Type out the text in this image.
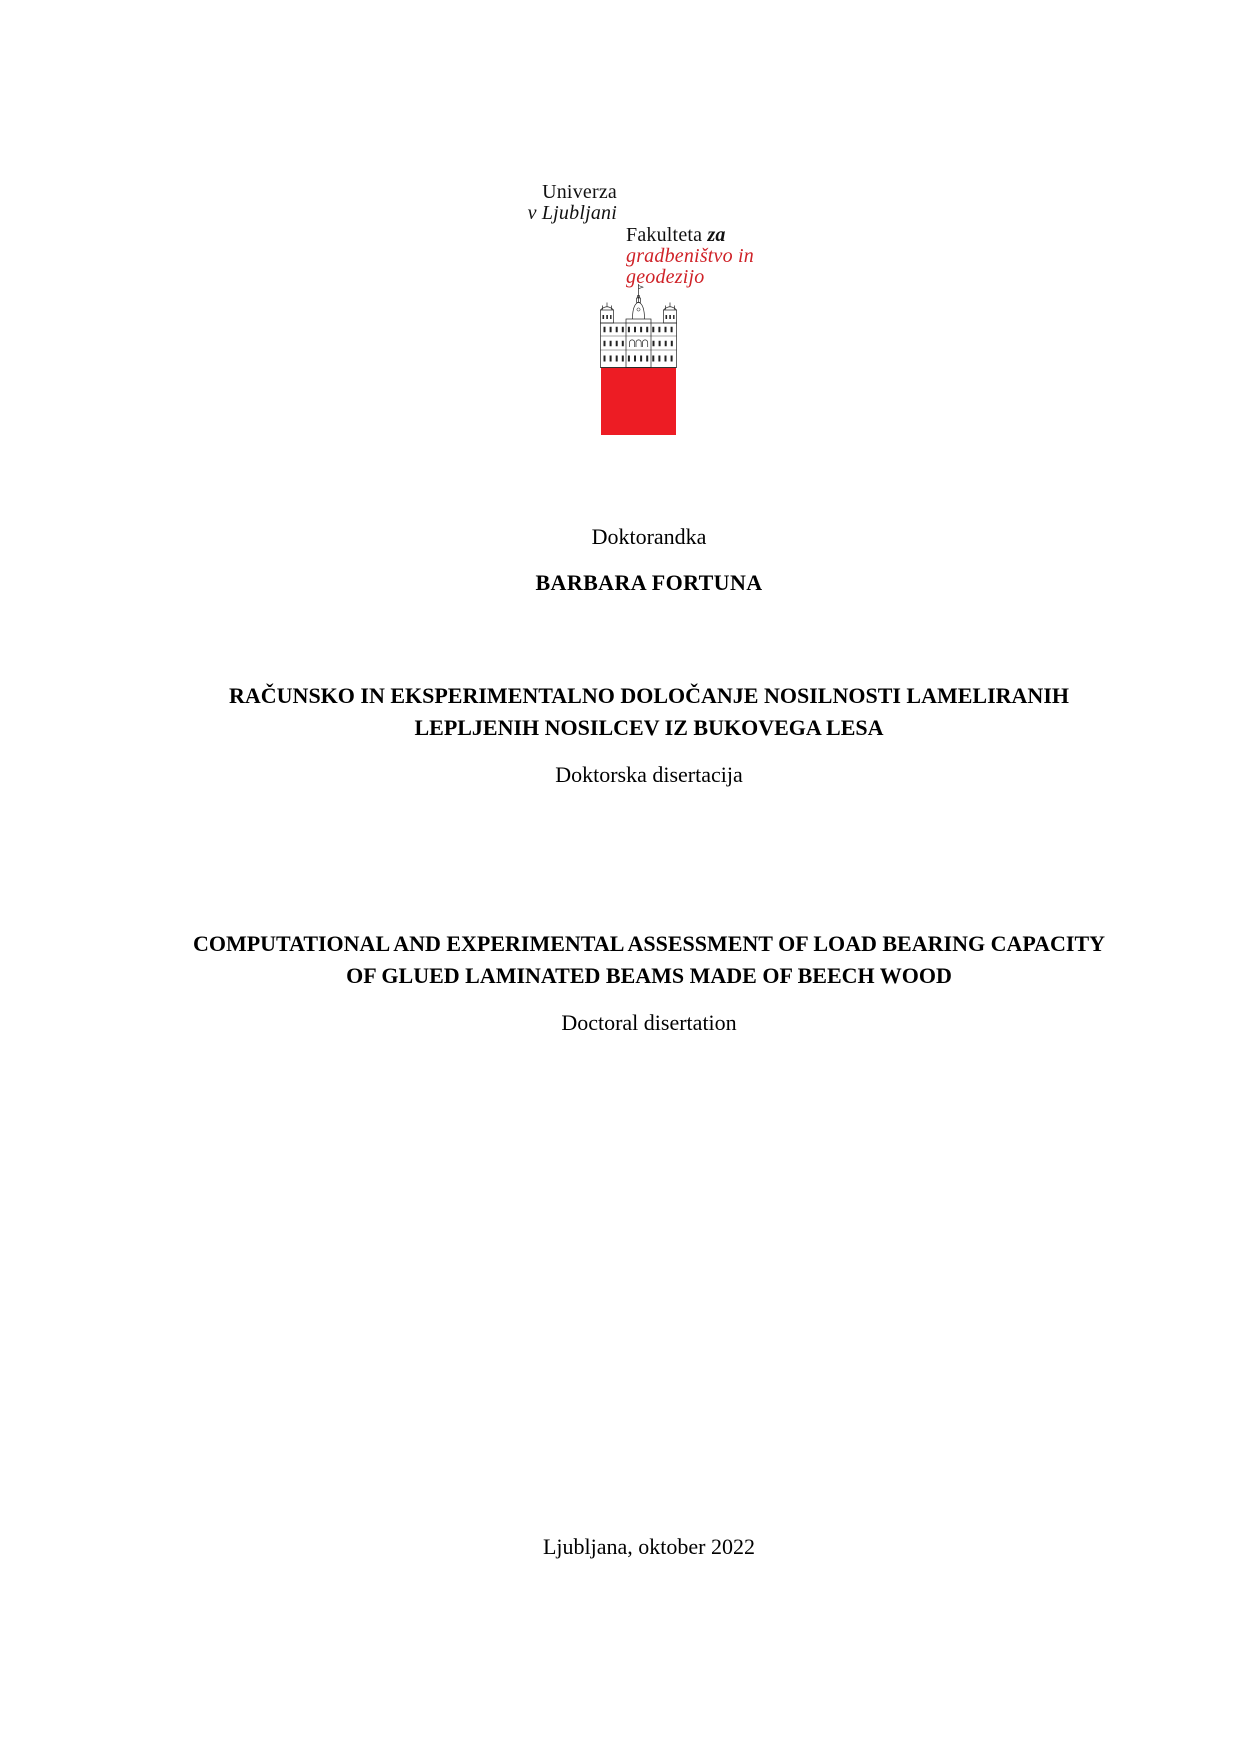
Univerza
v Ljubljani
Fakulteta za
gradbeništvo in
geodezijo
Doktorandka
BARBARA FORTUNA
RAČUNSKO IN EKSPERIMENTALNO DOLOČANJE NOSILNOSTI LAMELIRANIH
LEPLJENIH NOSILCEV IZ BUKOVEGA LESA
Doktorska disertacija
COMPUTATIONAL AND EXPERIMENTAL ASSESSMENT OF LOAD BEARING CAPACITY
OF GLUED LAMINATED BEAMS MADE OF BEECH WOOD
Doctoral disertation
Ljubljana, oktober 2022
